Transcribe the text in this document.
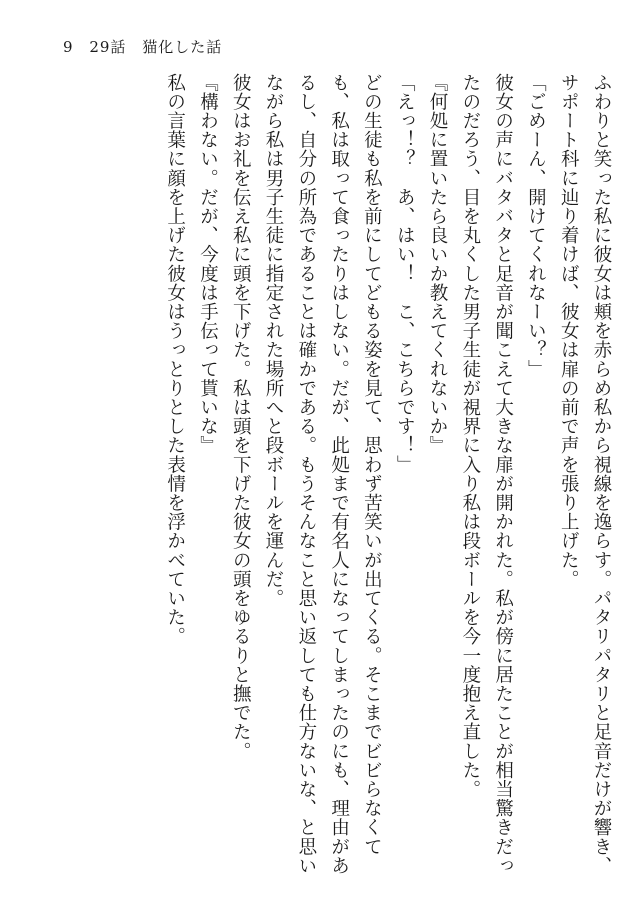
9 29話 猫化した話

ふわりと笑った私に彼女は頬を赤らめ私から視線を逸らす。パタリパタリと足音だけが響き、

サポート科に辿り着けば、彼女は扉の前で声を張り上げた。

「ごめーん、開けてくれなーい？」

彼女の声にバタバタと足音が聞こえて大きな扉が開かれた。私が傍に居たことが相当驚きだったのだろう、目を丸くした男子生徒が視界に入り私は段ボールを今一度抱え直した。

『何処に置いたら良いか教えてくれないか』

「えっ！？　あ、はい！　こ、こちらです！」

どの生徒も私を前にしてどもる姿を見て、思わず苦笑いが出てくる。そこまでビビらなくても、私は取って食ったりはしない。だが、此処まで有名人になってしまったのにも、理由があるし、自分の所為であることは確かである。もうそんなこと思い返しても仕方ないな、と思いながら私は男子生徒に指定された場所へと段ボールを運んだ。

彼女はお礼を伝え私に頭を下げた。私は頭を下げた彼女の頭をゆるりと撫でた。

『構わない。だが、今度は手伝って貰いな』

私の言葉に顔を上げた彼女はうっとりとした表情を浮かべていた。
